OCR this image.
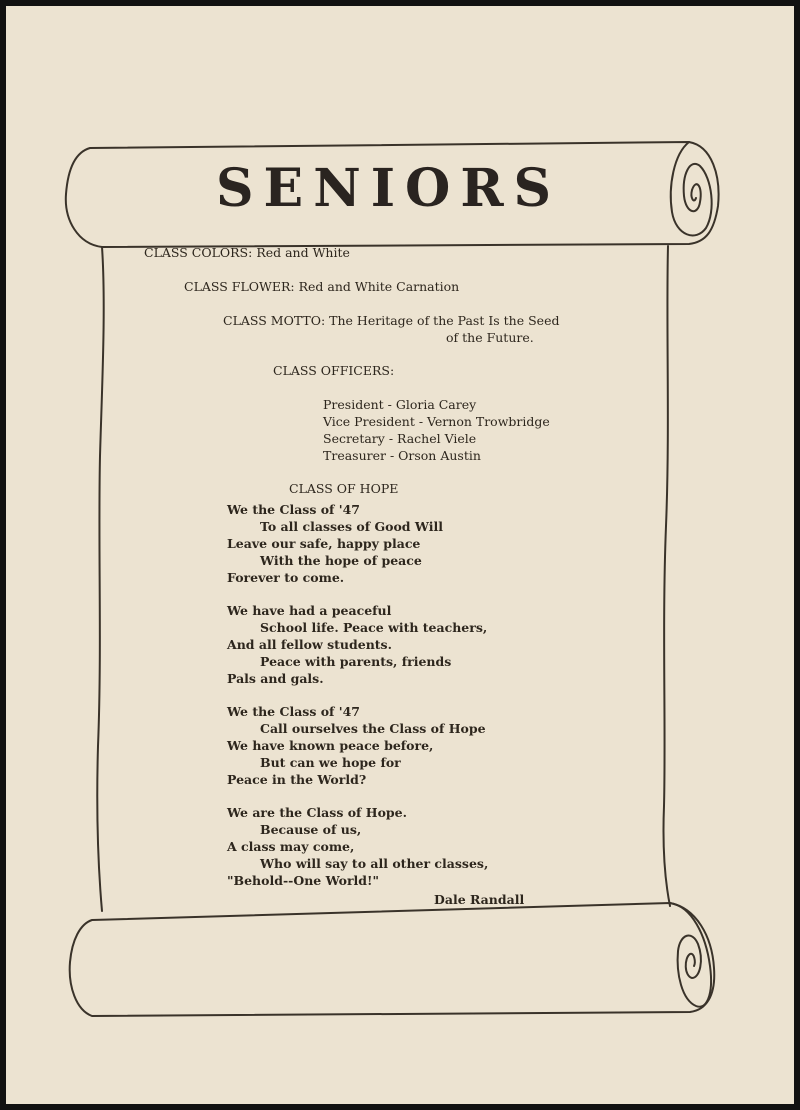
SENIORS
CLASS COLORS: Red and White
CLASS FLOWER: Red and White Carnation
CLASS MOTTO: The Heritage of the Past Is the Seed
of the Future.
CLASS OFFICERS:
President - Gloria Carey
Vice President - Vernon Trowbridge
Secretary - Rachel Viele
Treasurer - Orson Austin
CLASS OF HOPE
We the Class of '47
To all classes of Good Will
Leave our safe, happy place
With the hope of peace
Forever to come.
We have had a peaceful
School life. Peace with teachers,
And all fellow students.
Peace with parents, friends
Pals and gals.
We the Class of '47
Call ourselves the Class of Hope
We have known peace before,
But can we hope for
Peace in the World?
We are the Class of Hope.
Because of us,
A class may come,
Who will say to all other classes,
"Behold--One World!"
Dale Randall
